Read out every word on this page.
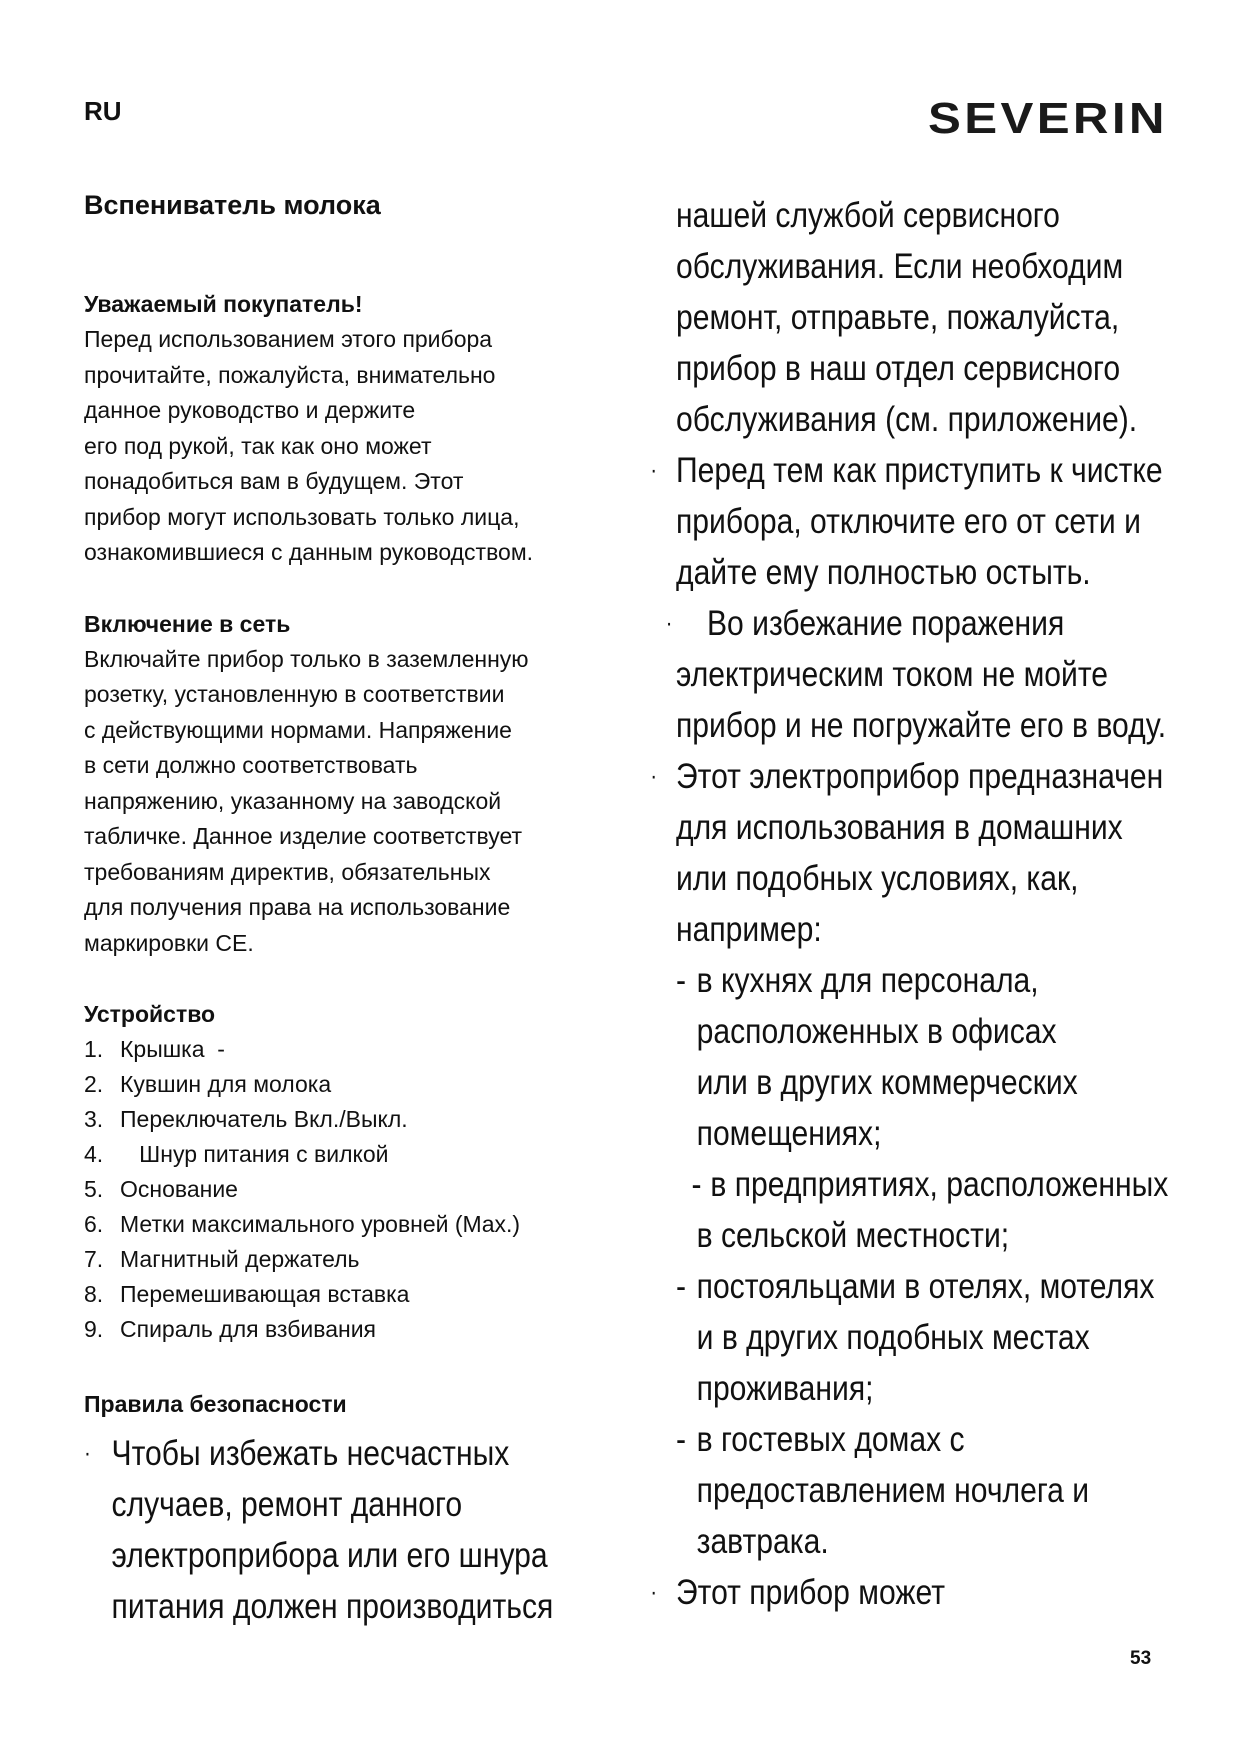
RU	SEVERIN
Вспениватель молока
Уважаемый покупатель!

Перед использованием этого прибора
прочитайте, пожалуйста, внимательно
данное руководство и держите
его под рукой, так как оно может
понадобиться вам в будущем. Этот
прибор могут использовать только лица,
ознакомившиеся с данным руководством.

Включение в сеть

Включайте прибор только в заземленную
розетку, установленную в соответствии
с действующими нормами. Напряжение
в сети должно соответствовать
напряжению, указанному на заводской
табличке. Данное изделие соответствует
требованиям директив, обязательных
для получения права на использование
маркировки CE.

Устройство
1. Крышка  -
2. Кувшин для молока
3. Переключатель Вкл./Выкл.
4.   Шнур питания с вилкой
5. Основание
6. Метки максимального уровней (Max.)
7. Магнитный держатель
8. Перемешивающая вставка
9. Спираль для взбивания
Правила безопасности
· Чтобы избежать несчастных
случаев, ремонт данного
электроприбора или его шнура
питания должен производиться
нашей службой сервисного
обслуживания. Если необходим
ремонт, отправьте, пожалуйста,
прибор в наш отдел сервисного
обслуживания (см. приложение).
· Перед тем как приступить к чистке
прибора, отключите его от сети и
дайте ему полностью остыть.
· Во избежание поражения
электрическим током не мойте
прибор и не погружайте его в воду.
· Этот электроприбор предназначен
для использования в домашних
или подобных условиях, как,
например:
- в кухнях для персонала,
расположенных в офисах
или в других коммерческих
помещениях;
- в предприятиях, расположенных
в сельской местности;
- постояльцами в отелях, мотелях
и в других подобных местах
проживания;
- в гостевых домах с
предоставлением ночлега и
завтрака.
· Этот прибор может
53
